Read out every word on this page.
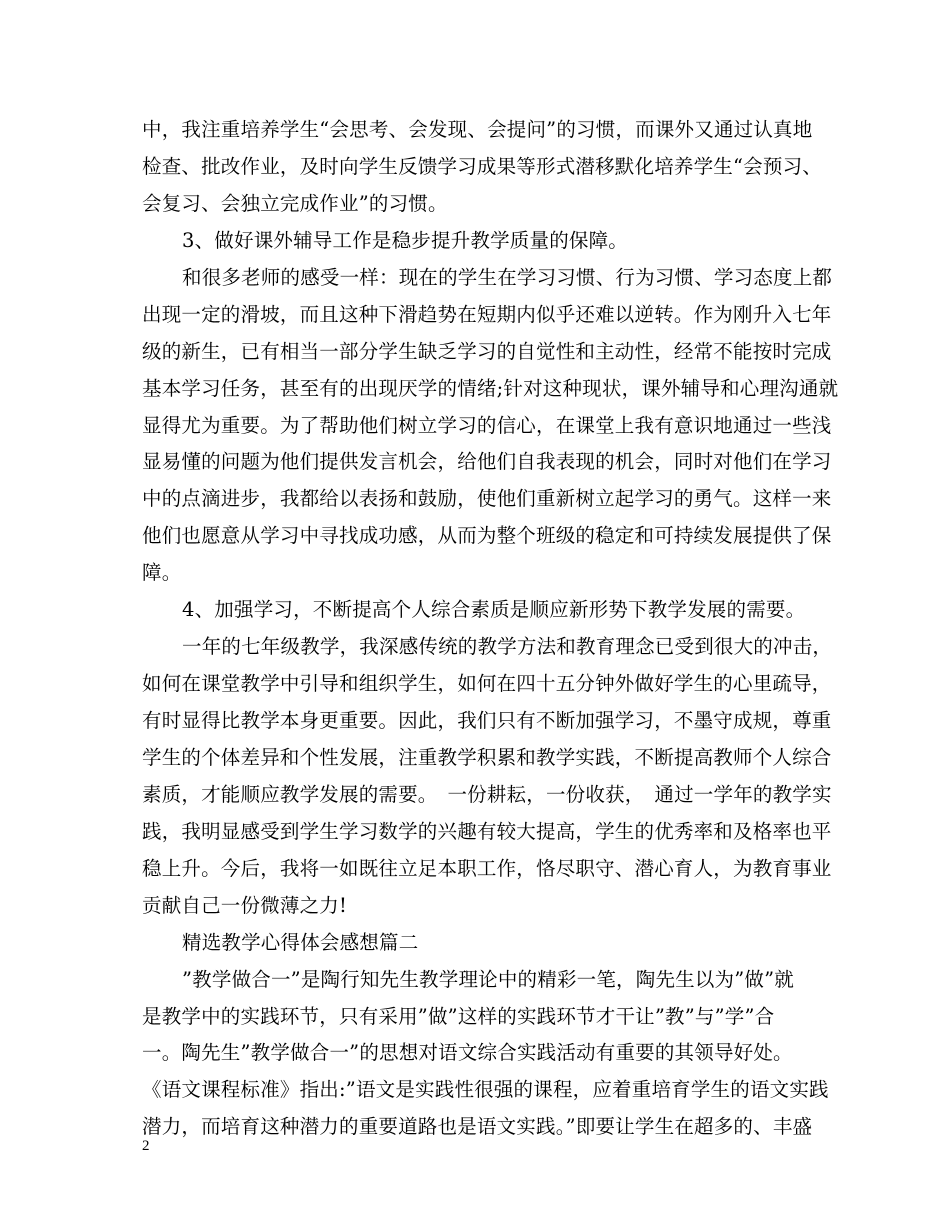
中，我注重培养学生“会思考、会发现、会提问”的习惯，而课外又通过认真地
检查、批改作业，及时向学生反馈学习成果等形式潜移默化培养学生“会预习、
会复习、会独立完成作业”的习惯。
3、做好课外辅导工作是稳步提升教学质量的保障。
和很多老师的感受一样：现在的学生在学习习惯、行为习惯、学习态度上都
出现一定的滑坡，而且这种下滑趋势在短期内似乎还难以逆转。作为刚升入七年
级的新生，已有相当一部分学生缺乏学习的自觉性和主动性，经常不能按时完成
基本学习任务，甚至有的出现厌学的情绪;针对这种现状，课外辅导和心理沟通就
显得尤为重要。为了帮助他们树立学习的信心，在课堂上我有意识地通过一些浅
显易懂的问题为他们提供发言机会，给他们自我表现的机会，同时对他们在学习
中的点滴进步，我都给以表扬和鼓励，使他们重新树立起学习的勇气。这样一来
他们也愿意从学习中寻找成功感，从而为整个班级的稳定和可持续发展提供了保
障。
4、加强学习，不断提高个人综合素质是顺应新形势下教学发展的需要。
一年的七年级教学，我深感传统的教学方法和教育理念已受到很大的冲击，
如何在课堂教学中引导和组织学生，如何在四十五分钟外做好学生的心里疏导，
有时显得比教学本身更重要。因此，我们只有不断加强学习，不墨守成规，尊重
学生的个体差异和个性发展，注重教学积累和教学实践，不断提高教师个人综合
素质，才能顺应教学发展的需要。　一份耕耘，一份收获，　通过一学年的教学实
践，我明显感受到学生学习数学的兴趣有较大提高，学生的优秀率和及格率也平
稳上升。今后，我将一如既往立足本职工作，恪尽职守、潜心育人，为教育事业
贡献自己一份微薄之力!
精选教学心得体会感想篇二
”教学做合一”是陶行知先生教学理论中的精彩一笔，陶先生以为”做”就
是教学中的实践环节，只有采用”做”这样的实践环节才干让”教”与”学”合
一。陶先生”教学做合一”的思想对语文综合实践活动有重要的其领导好处。
《语文课程标准》指出:”语文是实践性很强的课程，应着重培育学生的语文实践
潜力，而培育这种潜力的重要道路也是语文实践。”即要让学生在超多的、丰盛
2
